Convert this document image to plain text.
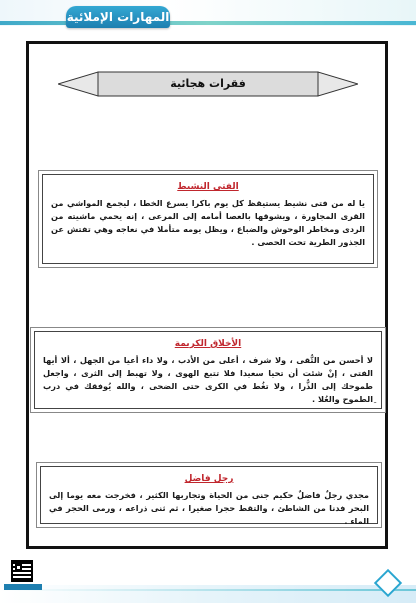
المهارات الإملائية
فقرات هجائية
الفتى النشيط
يا له من فتى نشيط يستيقظ كل يوم باكرا يسرع الخطا ، ليجمع المواشي من القرى المجاورة ، ويشوقها بالعصا أمامه إلى المرعى ، إنه يحمي ماشيته من الردى ومخاطر الوحوش والضباع ، ويظل يومه متأملا في نعاجه وهي تفتش عن الجذور الطرية تحت الحصى .
الأخلاق الكريمة
لا أحسن من التُّقى ، ولا شرف ، أعلى من الأدب ، ولا داء أعيا من الجهل ، ألا أيها الفتى ، إنْ شئت أن تحيا سعيدا فلا تتبع الهوى ، ولا تهبط إلى الثرى ، واجعل طموحك إلى الذُّرا ، ولا تغُط في الكرى حتى الضحى ، والله يُوفقك في درب ِالطموح والعُلا .
رجل فاضل
مجدي رجلٌ فاضلٌ حكيم جنى من الحياة وتجاربها الكثير ، فخرجت معه يوما إلى البحر فدنا من الشاطئ ، والتقط حجرا صغيرا ، ثم ثنى ذراعه ، ورمى الحجر في الماء .
